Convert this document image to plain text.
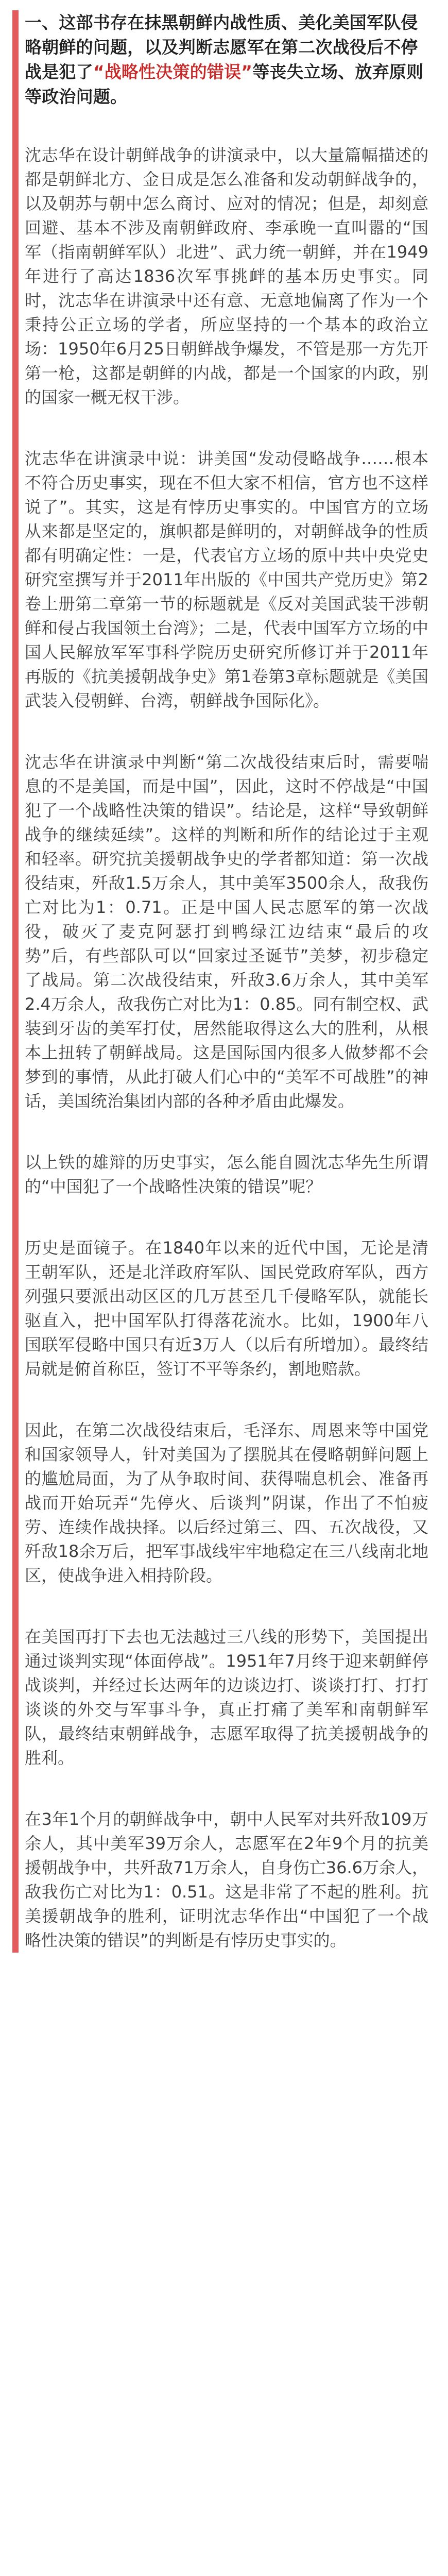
一、这部书存在抹黑朝鲜内战性质、美化美国军队侵略朝鲜的问题，以及判断志愿军在第二次战役后不停战是犯了“战略性决策的错误”等丧失立场、放弃原则等政治问题。

沈志华在设计朝鲜战争的讲演录中，以大量篇幅描述的都是朝鲜北方、金日成是怎么准备和发动朝鲜战争的，以及朝苏与朝中怎么商讨、应对的情况；但是，却刻意回避、基本不涉及南朝鲜政府、李承晚一直叫嚣的“国军（指南朝鲜军队）北进”、武力统一朝鲜，并在1949年进行了高达1836次军事挑衅的基本历史事实。同时，沈志华在讲演录中还有意、无意地偏离了作为一个秉持公正立场的学者，所应坚持的一个基本的政治立场：1950年6月25日朝鲜战争爆发，不管是那一方先开第一枪，这都是朝鲜的内战，都是一个国家的内政，别的国家一概无权干涉。

沈志华在讲演录中说：讲美国“发动侵略战争……根本不符合历史事实，现在不但大家不相信，官方也不这样说了”。其实，这是有悖历史事实的。中国官方的立场从来都是坚定的，旗帜都是鲜明的，对朝鲜战争的性质都有明确定性：一是，代表官方立场的原中共中央党史研究室撰写并于2011年出版的《中国共产党历史》第2卷上册第二章第一节的标题就是《反对美国武装干涉朝鲜和侵占我国领土台湾》；二是，代表中国军方立场的中国人民解放军军事科学院历史研究所修订并于2011年再版的《抗美援朝战争史》第1卷第3章标题就是《美国武装入侵朝鲜、台湾，朝鲜战争国际化》。

沈志华在讲演录中判断“第二次战役结束后时，需要喘息的不是美国，而是中国”，因此，这时不停战是“中国犯了一个战略性决策的错误”。结论是，这样“导致朝鲜战争的继续延续”。这样的判断和所作的结论过于主观和轻率。研究抗美援朝战争史的学者都知道：第一次战役结束，歼敌1.5万余人，其中美军3500余人，敌我伤亡对比为1：0.71。正是中国人民志愿军的第一次战役，破灭了麦克阿瑟打到鸭绿江边结束“最后的攻势”后，有些部队可以“回家过圣诞节”美梦，初步稳定了战局。第二次战役结束，歼敌3.6万余人，其中美军2.4万余人，敌我伤亡对比为1：0.85。同有制空权、武装到牙齿的美军打仗，居然能取得这么大的胜利，从根本上扭转了朝鲜战局。这是国际国内很多人做梦都不会梦到的事情，从此打破人们心中的“美军不可战胜”的神话，美国统治集团内部的各种矛盾由此爆发。

以上铁的雄辩的历史事实，怎么能自圆沈志华先生所谓的“中国犯了一个战略性决策的错误”呢？

历史是面镜子。在1840年以来的近代中国，无论是清王朝军队，还是北洋政府军队、国民党政府军队，西方列强只要派出动区区的几万甚至几千侵略军队，就能长驱直入，把中国军队打得落花流水。比如，1900年八国联军侵略中国只有近3万人（以后有所增加）。最终结局就是俯首称臣，签订不平等条约，割地赔款。

因此，在第二次战役结束后，毛泽东、周恩来等中国党和国家领导人，针对美国为了摆脱其在侵略朝鲜问题上的尴尬局面，为了从争取时间、获得喘息机会、准备再战而开始玩弄“先停火、后谈判”阴谋，作出了不怕疲劳、连续作战抉择。以后经过第三、四、五次战役，又歼敌18余万后，把军事战线牢牢地稳定在三八线南北地区，使战争进入相持阶段。

在美国再打下去也无法越过三八线的形势下，美国提出通过谈判实现“体面停战”。1951年7月终于迎来朝鲜停战谈判，并经过长达两年的边谈边打、谈谈打打、打打谈谈的外交与军事斗争，真正打痛了美军和南朝鲜军队，最终结束朝鲜战争，志愿军取得了抗美援朝战争的胜利。

在3年1个月的朝鲜战争中，朝中人民军对共歼敌109万余人，其中美军39万余人，志愿军在2年9个月的抗美援朝战争中，共歼敌71万余人，自身伤亡36.6万余人，敌我伤亡对比为1：0.51。这是非常了不起的胜利。抗美援朝战争的胜利，证明沈志华作出“中国犯了一个战略性决策的错误”的判断是有悖历史事实的。
